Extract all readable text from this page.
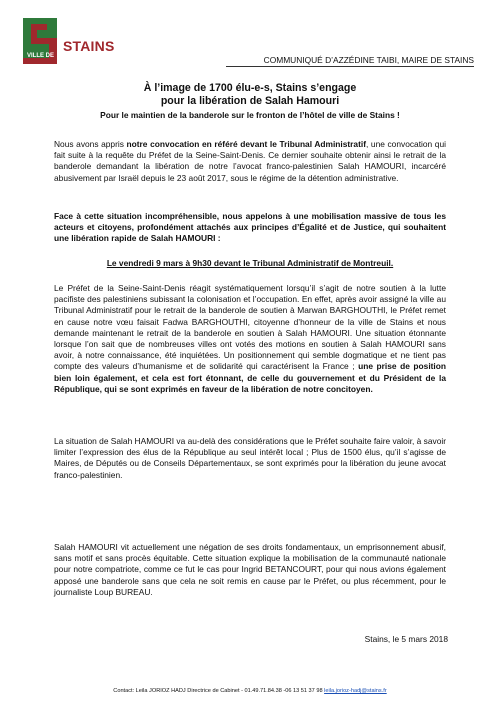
VILLE DE
STAINS
COMMUNIQUÉ D’AZZÉDINE TAIBI, MAIRE DE STAINS
À l’image de 1700 élu-e-s, Stains s’engage
pour la libération de Salah Hamouri
Pour le maintien de la banderole sur le fronton de l’hôtel de ville de Stains !

Nous avons appris notre convocation en référé devant le Tribunal Administratif, une convocation qui fait suite à la requête du Préfet de la Seine-Saint-Denis. Ce dernier souhaite obtenir ainsi le retrait de la banderole demandant la libération de notre l’avocat franco-palestinien Salah HAMOURI, incarcéré abusivement par Israël depuis le 23 août 2017, sous le régime de la détention administrative.

Face à cette situation incompréhensible, nous appelons à une mobilisation massive de tous les acteurs et citoyens, profondément attachés aux principes d’Égalité et de Justice, qui souhaitent une libération rapide de Salah HAMOURI :

Le vendredi 9 mars à 9h30 devant le Tribunal Administratif de Montreuil.

Le Préfet de la Seine-Saint-Denis réagit systématiquement lorsqu’il s’agit de notre soutien à la lutte pacifiste des palestiniens subissant la colonisation et l’occupation. En effet, après avoir assigné la ville au Tribunal Administratif pour le retrait de la banderole de soutien à Marwan BARGHOUTHI, le Préfet remet en cause notre vœu faisait Fadwa BARGHOUTHI, citoyenne d’honneur de la ville de Stains et nous demande maintenant le retrait de la banderole en soutien à Salah HAMOURI. Une situation étonnante lorsque l’on sait que de nombreuses villes ont votés des motions en soutien à Salah HAMOURI sans avoir, à notre connaissance, été inquiétées. Un positionnement qui semble dogmatique et ne tient pas compte des valeurs d’humanisme et de solidarité qui caractérisent la France ; une prise de position bien loin également, et cela est fort étonnant, de celle du gouvernement et du Président de la République, qui se sont exprimés en faveur de la libération de notre concitoyen.

La situation de Salah HAMOURI va au-delà des considérations que le Préfet souhaite faire valoir, à savoir limiter l’expression des élus de la République au seul intérêt local ; Plus de 1500 élus, qu’il s’agisse de Maires, de Députés ou de Conseils Départementaux, se sont exprimés pour la libération du jeune avocat franco-palestinien.

Salah HAMOURI vit actuellement une négation de ses droits fondamentaux, un emprisonnement abusif, sans motif et sans procès équitable. Cette situation explique la mobilisation de la communauté nationale pour notre compatriote, comme ce fut le cas pour Ingrid BETANCOURT, pour qui nous avions également apposé une banderole sans que cela ne soit remis en cause par le Préfet, ou plus récemment, pour le journaliste Loup BUREAU.

Stains, le 5 mars 2018
Contact: Leila JORIOZ HADJ Directrice de Cabinet - 01.49.71.84.38 -06 13 51 37 98 leila.jorioz-hadj@stains.fr
